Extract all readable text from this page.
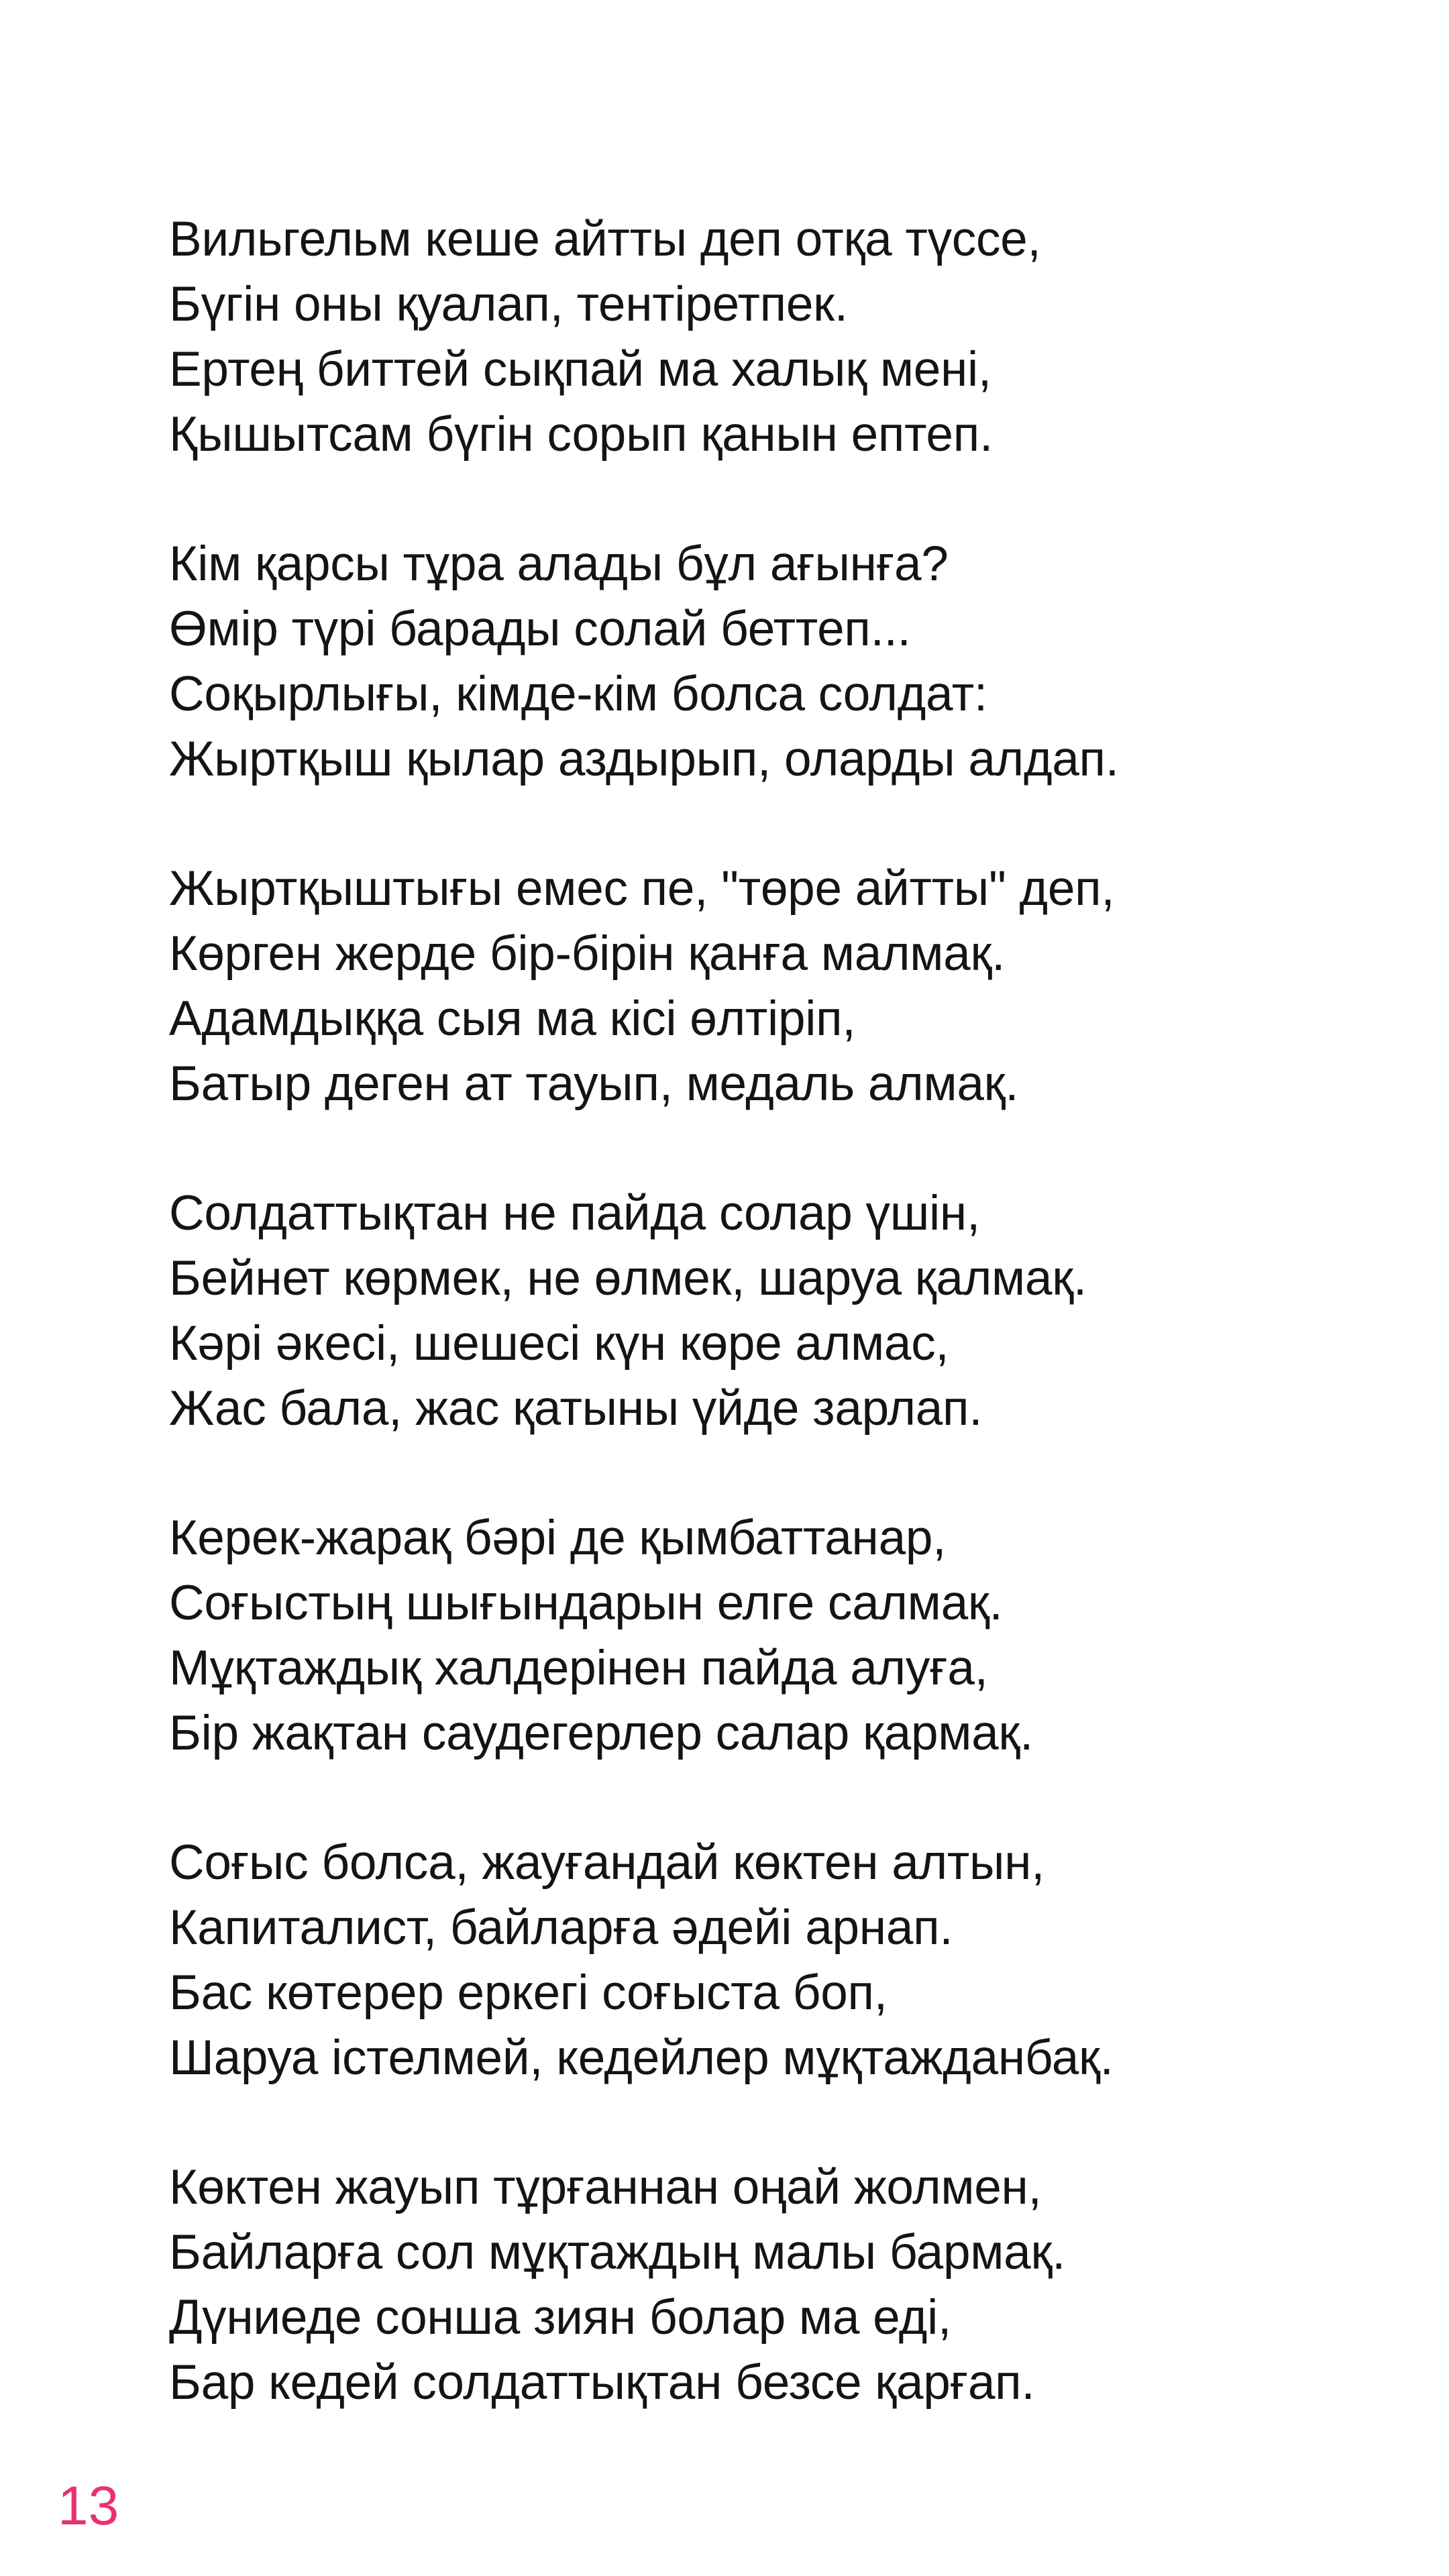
Вильгельм кеше айтты деп отқа түссе,
Бүгін оны қуалап, тентіретпек.
Ертең биттей сықпай ма халық мені,
Қышытсам бүгін сорып қанын ептеп.
Кім қарсы тұра алады бұл ағынға?
Өмір түрі барады солай беттеп...
Соқырлығы, кімде-кім болса солдат:
Жыртқыш қылар аздырып, оларды алдап.
Жыртқыштығы емес пе, "төре айтты" деп,
Көрген жерде бір-бірін қанға малмақ.
Адамдыққа сыя ма кісі өлтіріп,
Батыр деген ат тауып, медаль алмақ.
Солдаттықтан не пайда солар үшін,
Бейнет көрмек, не өлмек, шаруа қалмақ.
Кәрі әкесі, шешесі күн көре алмас,
Жас бала, жас қатыны үйде зарлап.
Керек-жарақ бәрі де қымбаттанар,
Соғыстың шығындарын елге салмақ.
Мұқтаждық халдерінен пайда алуға,
Бір жақтан саудегерлер салар қармақ.
Соғыс болса, жауғандай көктен алтын,
Капиталист, байларға әдейі арнап.
Бас көтерер еркегі соғыста боп,
Шаруа істелмей, кедейлер мұқтажданбақ.
Көктен жауып тұрғаннан оңай жолмен,
Байларға сол мұқтаждың малы бармақ.
Дүниеде сонша зиян болар ма еді,
Бар кедей солдаттықтан безсе қарғап.
13
